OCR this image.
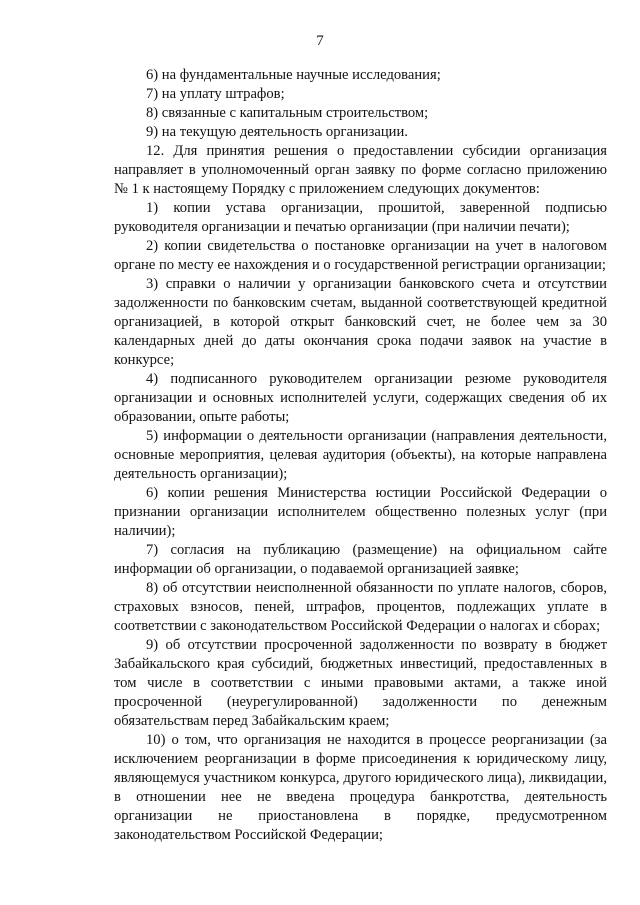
7

6) на фундаментальные научные исследования;

7) на уплату штрафов;

8) связанные с капитальным строительством;

9) на текущую деятельность организации.

12. Для принятия решения о предоставлении субсидии организация направляет в уполномоченный орган заявку по форме согласно приложению № 1 к настоящему Порядку с приложением следующих документов:

1) копии устава организации, прошитой, заверенной подписью руководителя организации и печатью организации (при наличии печати);

2) копии свидетельства о постановке организации на учет в налоговом органе по месту ее нахождения и о государственной регистрации организации;

3) справки о наличии у организации банковского счета и отсутствии задолженности по банковским счетам, выданной соответствующей кредитной организацией, в которой открыт банковский счет, не более чем за 30 календарных дней до даты окончания срока подачи заявок на участие в конкурсе;

4) подписанного руководителем организации резюме руководителя организации и основных исполнителей услуги, содержащих сведения об их образовании, опыте работы;

5) информации о деятельности организации (направления деятельности, основные мероприятия, целевая аудитория (объекты), на которые направлена деятельность организации);

6) копии решения Министерства юстиции Российской Федерации о признании организации исполнителем общественно полезных услуг (при наличии);

7) согласия на публикацию (размещение) на официальном сайте информации об организации, о подаваемой организацией заявке;

8) об отсутствии неисполненной обязанности по уплате налогов, сборов, страховых взносов, пеней, штрафов, процентов, подлежащих уплате в соответствии с законодательством Российской Федерации о налогах и сборах;

9) об отсутствии просроченной задолженности по возврату в бюджет Забайкальского края субсидий, бюджетных инвестиций, предоставленных в том числе в соответствии с иными правовыми актами, а также иной просроченной (неурегулированной) задолженности по денежным обязательствам перед Забайкальским краем;

10) о том, что организация не находится в процессе реорганизации (за исключением реорганизации в форме присоединения к юридическому лицу, являющемуся участником конкурса, другого юридического лица), ликвидации, в отношении нее не введена процедура банкротства, деятельность организации не приостановлена в порядке, предусмотренном законодательством Российской Федерации;
